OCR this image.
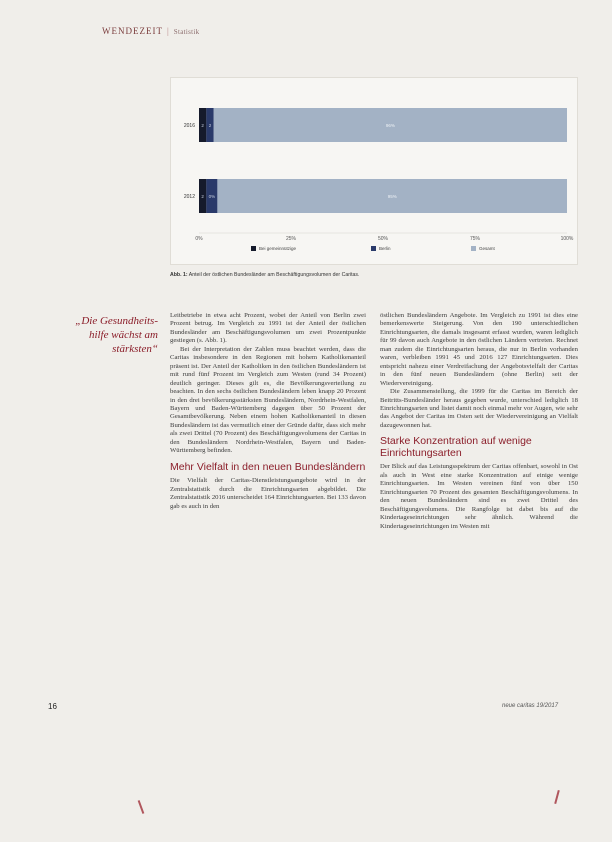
WENDEZEIT | Statistik
2016 2 2	96%
2012 2 0%	95%
0%	25%	50%	75%	100%
Bei gemeinnützige	Berlin	Gesamt
Abb. 1: Anteil der östlichen Bundesländer am Beschäftigungsvolumen der Caritas.
„Die Gesundheits-hilfe wächst am stärksten“

Leitbetriebe in etwa acht Prozent, wobei der Anteil von Berlin zwei Prozent betrug. Im Vergleich zu 1991 ist der Anteil der östlichen Bundesländer am Beschäftigungsvolumen um zwei Prozentpunkte gestiegen (s. Abb. 1).

Bei der Interpretation der Zahlen muss beachtet werden, dass die Caritas insbesondere in den Regionen mit hohem Katholikenanteil präsent ist. Der Anteil der Katholiken in den östlichen Bundesländern ist mit rund fünf Prozent im Vergleich zum Westen (rund 34 Prozent) deutlich geringer. Dieses gilt es, die Bevölkerungsverteilung zu beachten. In den sechs östlichen Bundesländern leben knapp 20 Prozent in den drei bevölkerungsstärksten Bundesländern, Nordrhein-Westfalen, Bayern und Baden-Württemberg dagegen über 50 Prozent der Gesamtbevölkerung. Neben einem hohen Katholikenanteil in diesen Bundesländern ist das vermutlich einer der Gründe dafür, dass sich mehr als zwei Drittel (70 Prozent) des Beschäftigungsvolumens der Caritas in den Bundesländern Nordrhein-Westfalen, Bayern und Baden-Württemberg befinden.

Mehr Vielfalt in den neuen Bundesländern

Die Vielfalt der Caritas-Dienstleistungsangebote wird in der Zentralstatistik durch die Einrichtungsarten abgebildet. Die Zentralstatistik 2016 unterscheidet 164 Einrichtungsarten. Bei 133 davon gab es auch in den

östlichen Bundesländern Angebote. Im Vergleich zu 1991 ist dies eine bemerkenswerte Steigerung. Von den 190 unterschiedlichen Einrichtungsarten, die damals insgesamt erfasst wurden, waren lediglich für 99 davon auch Angebote in den östlichen Ländern vertreten. Rechnet man zudem die Einrichtungsarten heraus, die nur in Berlin vorhanden waren, verbleiben 1991 45 und 2016 127 Einrichtungsarten. Dies entspricht nahezu einer Verdreifachung der Angebotsvielfalt der Caritas in den fünf neuen Bundesländern (ohne Berlin) seit der Wiedervereinigung.

Die Zusammenstellung, die 1999 für die Caritas im Bereich der Beitritts-Bundesländer heraus gegeben wurde, unterschied lediglich 18 Einrichtungsarten und listet damit noch einmal mehr vor Augen, wie sehr das Angebot der Caritas im Osten seit der Wiedervereinigung an Vielfalt dazugewonnen hat.

Starke Konzentration auf wenige Einrichtungsarten

Der Blick auf das Leistungsspektrum der Caritas offenbart, sowohl in Ost als auch in West eine starke Konzentration auf einige wenige Einrichtungsarten. Im Westen vereinen fünf von über 150 Einrichtungsarten 70 Prozent des gesamten Beschäftigungsvolumens. In den neuen Bundesländern sind es zwei Drittel des Beschäftigungsvolumens. Die Rangfolge ist dabei bis auf die Kindertageseinrichtungen sehr ähnlich. Während die Kindertageseinrichtungen im Westen mit

16	neue caritas 19/2017
